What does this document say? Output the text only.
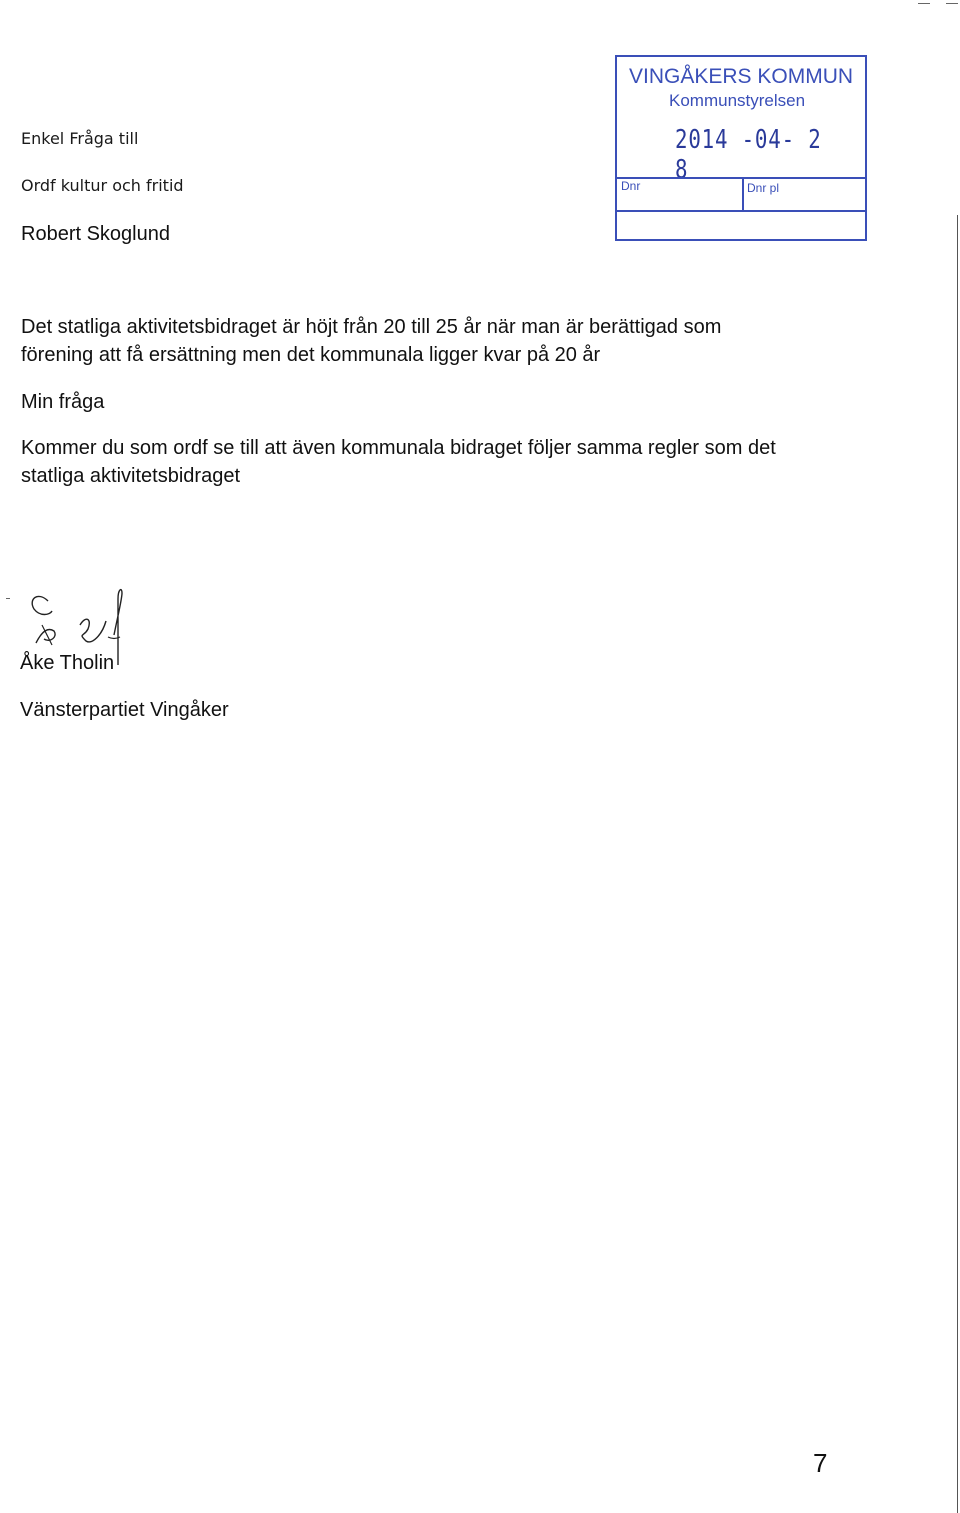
Enkel Fråga till

Ordf kultur och fritid

Robert Skoglund

VINGÅKERS KOMMUN
Kommunstyrelsen
2014 -04- 2 8
Dnr	Dnr pl

Det statliga aktivitetsbidraget är höjt från 20 till 25 år när man är berättigad som

förening att få ersättning men det kommunala ligger kvar på 20 år

Min fråga

Kommer du som ordf se till att även kommunala bidraget följer samma regler som det

statliga aktivitetsbidraget

Åke Tholin

Vänsterpartiet Vingåker

7
